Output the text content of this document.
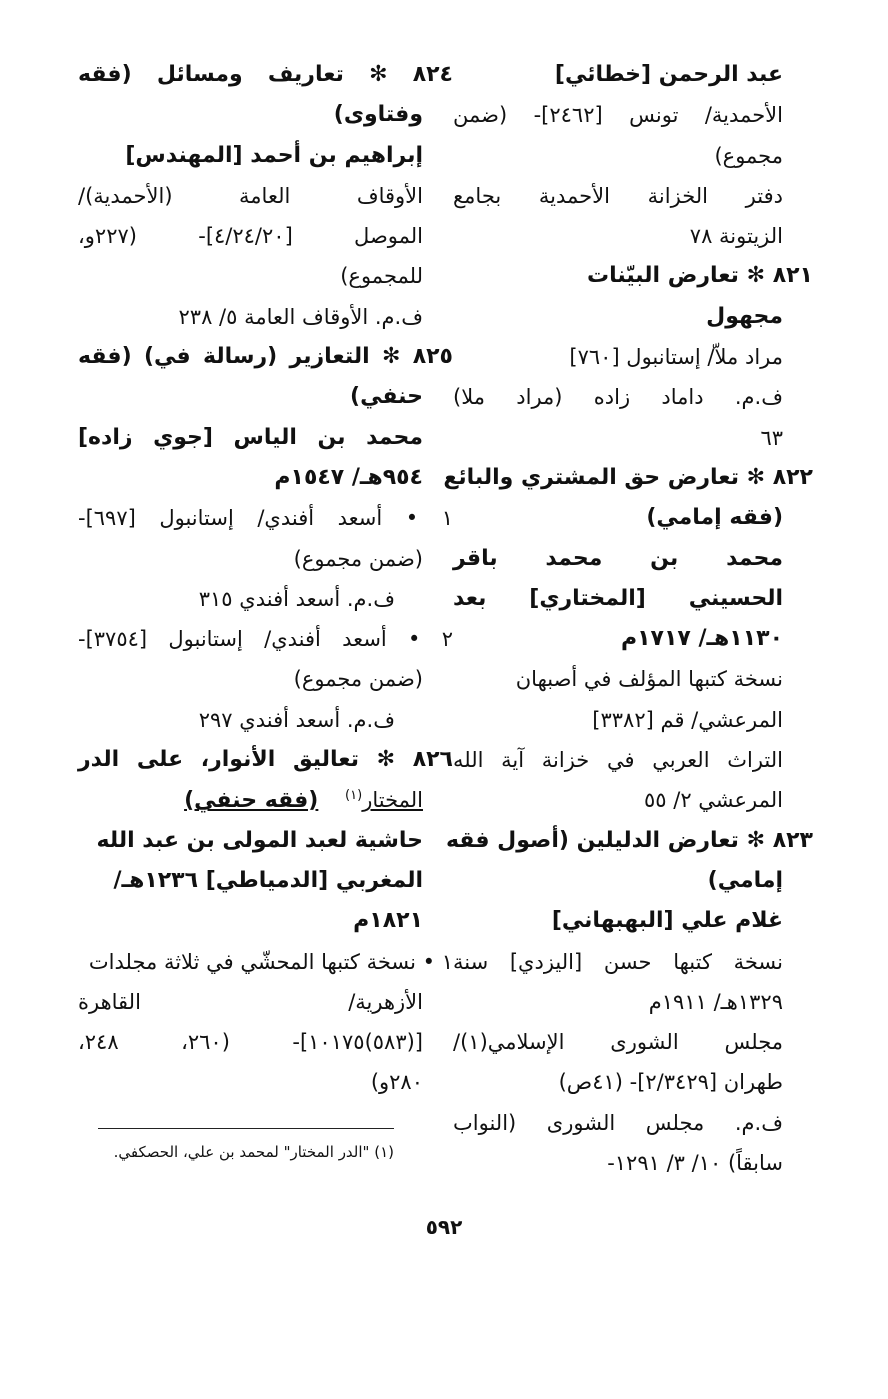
عبد الرحمن [خطائي]
الأحمدية/ تونس [٢٤٦٢]- (ضمن
مجموع)
دفتر الخزانة الأحمدية بجامع
الزيتونة ٧٨
٨٢١ ✻ تعارض البيّنات
مجهول
مراد ملاّ/ إستانبول [٧٦٠]
ف.م. داماد زاده (مراد ملا)
٦٣
٨٢٢ ✻ تعارض حق المشتري والبائع
(فقه إمامي)
محمد بن محمد باقر
الحسيني [المختاري] بعد
١١٣٠هـ/ ١٧١٧م
نسخة كتبها المؤلف في أصبهان
المرعشي/ قم [٣٣٨٢]
التراث العربي في خزانة آية الله
المرعشي ٢/ ٥٥
٨٢٣ ✻ تعارض الدليلين (أصول فقه
إمامي)
غلام علي [البهبهاني]
نسخة كتبها حسن [اليزدي] سنة
١٣٢٩هـ/ ١٩١١م
مجلس الشورى الإسلامي(١)/
طهران [٢/٣٤٢٩]- (٤١ص)
ف.م. مجلس الشورى (النواب
سابقاً) ١٠/ ٣/ ١٢٩١-
٨٢٤ ✻ تعاريف ومسائل (فقه
وفتاوى)
إبراهيم بن أحمد [المهندس]
الأوقاف العامة (الأحمدية)/
الموصل [٤/٢٤/٢٠]- (٢٢٧و،
للمجموع)
ف.م. الأوقاف العامة ٥/ ٢٣٨
٨٢٥ ✻ التعازير (رسالة في) (فقه
حنفي)
محمد بن الياس [جوي زاده]
٩٥٤هـ/ ١٥٤٧م
١ • أسعد أفندي/ إستانبول [٦٩٧]-
(ضمن مجموع)
ف.م. أسعد أفندي ٣١٥
٢ • أسعد أفندي/ إستانبول [٣٧٥٤]-
(ضمن مجموع)
ف.م. أسعد أفندي ٢٩٧
٨٢٦ ✻ تعاليق الأنوار، على الدر
المختار$^{(١)}$    (فقه حنفي)
حاشية لعبد المولى بن عبد الله
المغربي [الدمياطي] ١٢٣٦هـ/
١٨٢١م
١ • نسخة كتبها المحشّي في ثلاثة مجلدات
الأزهرية/ القاهرة
[(٥٨٣)١٠١٧٥]- (٢٦٠، ٢٤٨،
٢٨٠و)
(١) "الدر المختار" لمحمد بن علي، الحصكفي.
٥٩٢
